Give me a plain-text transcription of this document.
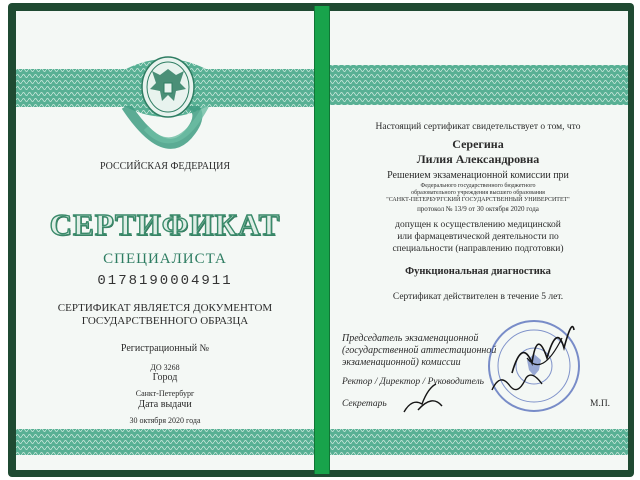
РОССИЙСКАЯ ФЕДЕРАЦИЯ
СЕРТИФИКАТ
СПЕЦИАЛИСТА
0178190004911
СЕРТИФИКАТ ЯВЛЯЕТСЯ ДОКУМЕНТОМ
ГОСУДАРСТВЕННОГО ОБРАЗЦА
Регистрационный №
ДО 3268
Город
Санкт-Петербург
Дата выдачи
30 октября 2020 года
Настоящий сертификат свидетельствует о том, что
Серегина
Лилия Александровна
Решением экзаменационной комиссии при
Федерального государственного бюджетного
образовательного учреждения высшего образования
"САНКТ-ПЕТЕРБУРГСКИЙ ГОСУДАРСТВЕННЫЙ УНИВЕРСИТЕТ"
протокол № 13/9 от 30 октября 2020 года
допущен к осуществлению медицинской
или фармацевтической деятельности по
специальности (направлению подготовки)
Функциональная диагностика
Сертификат действителен в течение 5 лет.
Председатель экзаменационной
(государственной аттестационной
экзаменационной) комиссии
Ректор / Директор / Руководитель
Секретарь	М.П.
